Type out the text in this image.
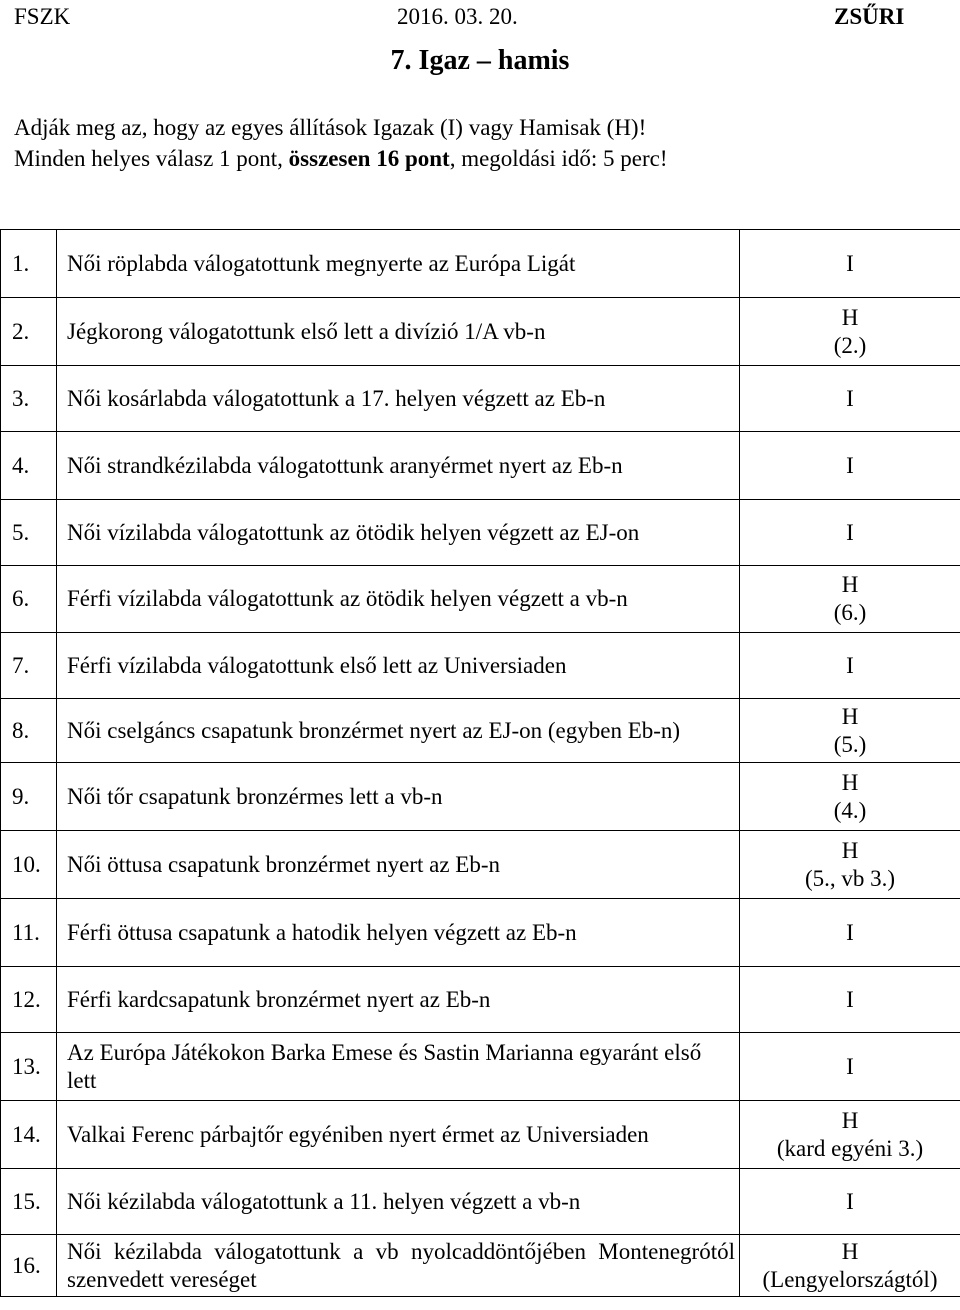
FSZK	2016. 03. 20.	ZSŰRI
7. Igaz – hamis
Adják meg az, hogy az egyes állítások Igazak (I) vagy Hamisak (H)!
Minden helyes válasz 1 pont, összesen 16 pont, megoldási idő: 5 perc!
1.	Női röplabda válogatottunk megnyerte az Európa Ligát	I

2.	Jégkorong válogatottunk első lett a divízió 1/A vb-n	H
(2.)

3.	Női kosárlabda válogatottunk a 17. helyen végzett az Eb-n	I

4.	Női strandkézilabda válogatottunk aranyérmet nyert az Eb-n	I

5.	Női vízilabda válogatottunk az ötödik helyen végzett az EJ-on	I

6.	Férfi vízilabda válogatottunk az ötödik helyen végzett a vb-n	H
(6.)

7.	Férfi vízilabda válogatottunk első lett az Universiaden	I

8.	Női cselgáncs csapatunk bronzérmet nyert az EJ-on (egyben Eb-n)	H
(5.)

9.	Női tőr csapatunk bronzérmes lett a vb-n	H
(4.)

10.	Női öttusa csapatunk bronzérmet nyert az Eb-n	H
(5., vb 3.)

11.	Férfi öttusa csapatunk a hatodik helyen végzett az Eb-n	I

12.	Férfi kardcsapatunk bronzérmet nyert az Eb-n	I

13.	Az Európa Játékokon Barka Emese és Sastin Marianna egyaránt első lett	I

14.	Valkai Ferenc párbajtőr egyéniben nyert érmet az Universiaden	H
(kard egyéni 3.)

15.	Női kézilabda válogatottunk a 11. helyen végzett a vb-n	I

16.	Női kézilabda válogatottunk a vb nyolcaddöntőjében Montenegrótól szenvedett vereséget	H
(Lengyelországtól)
